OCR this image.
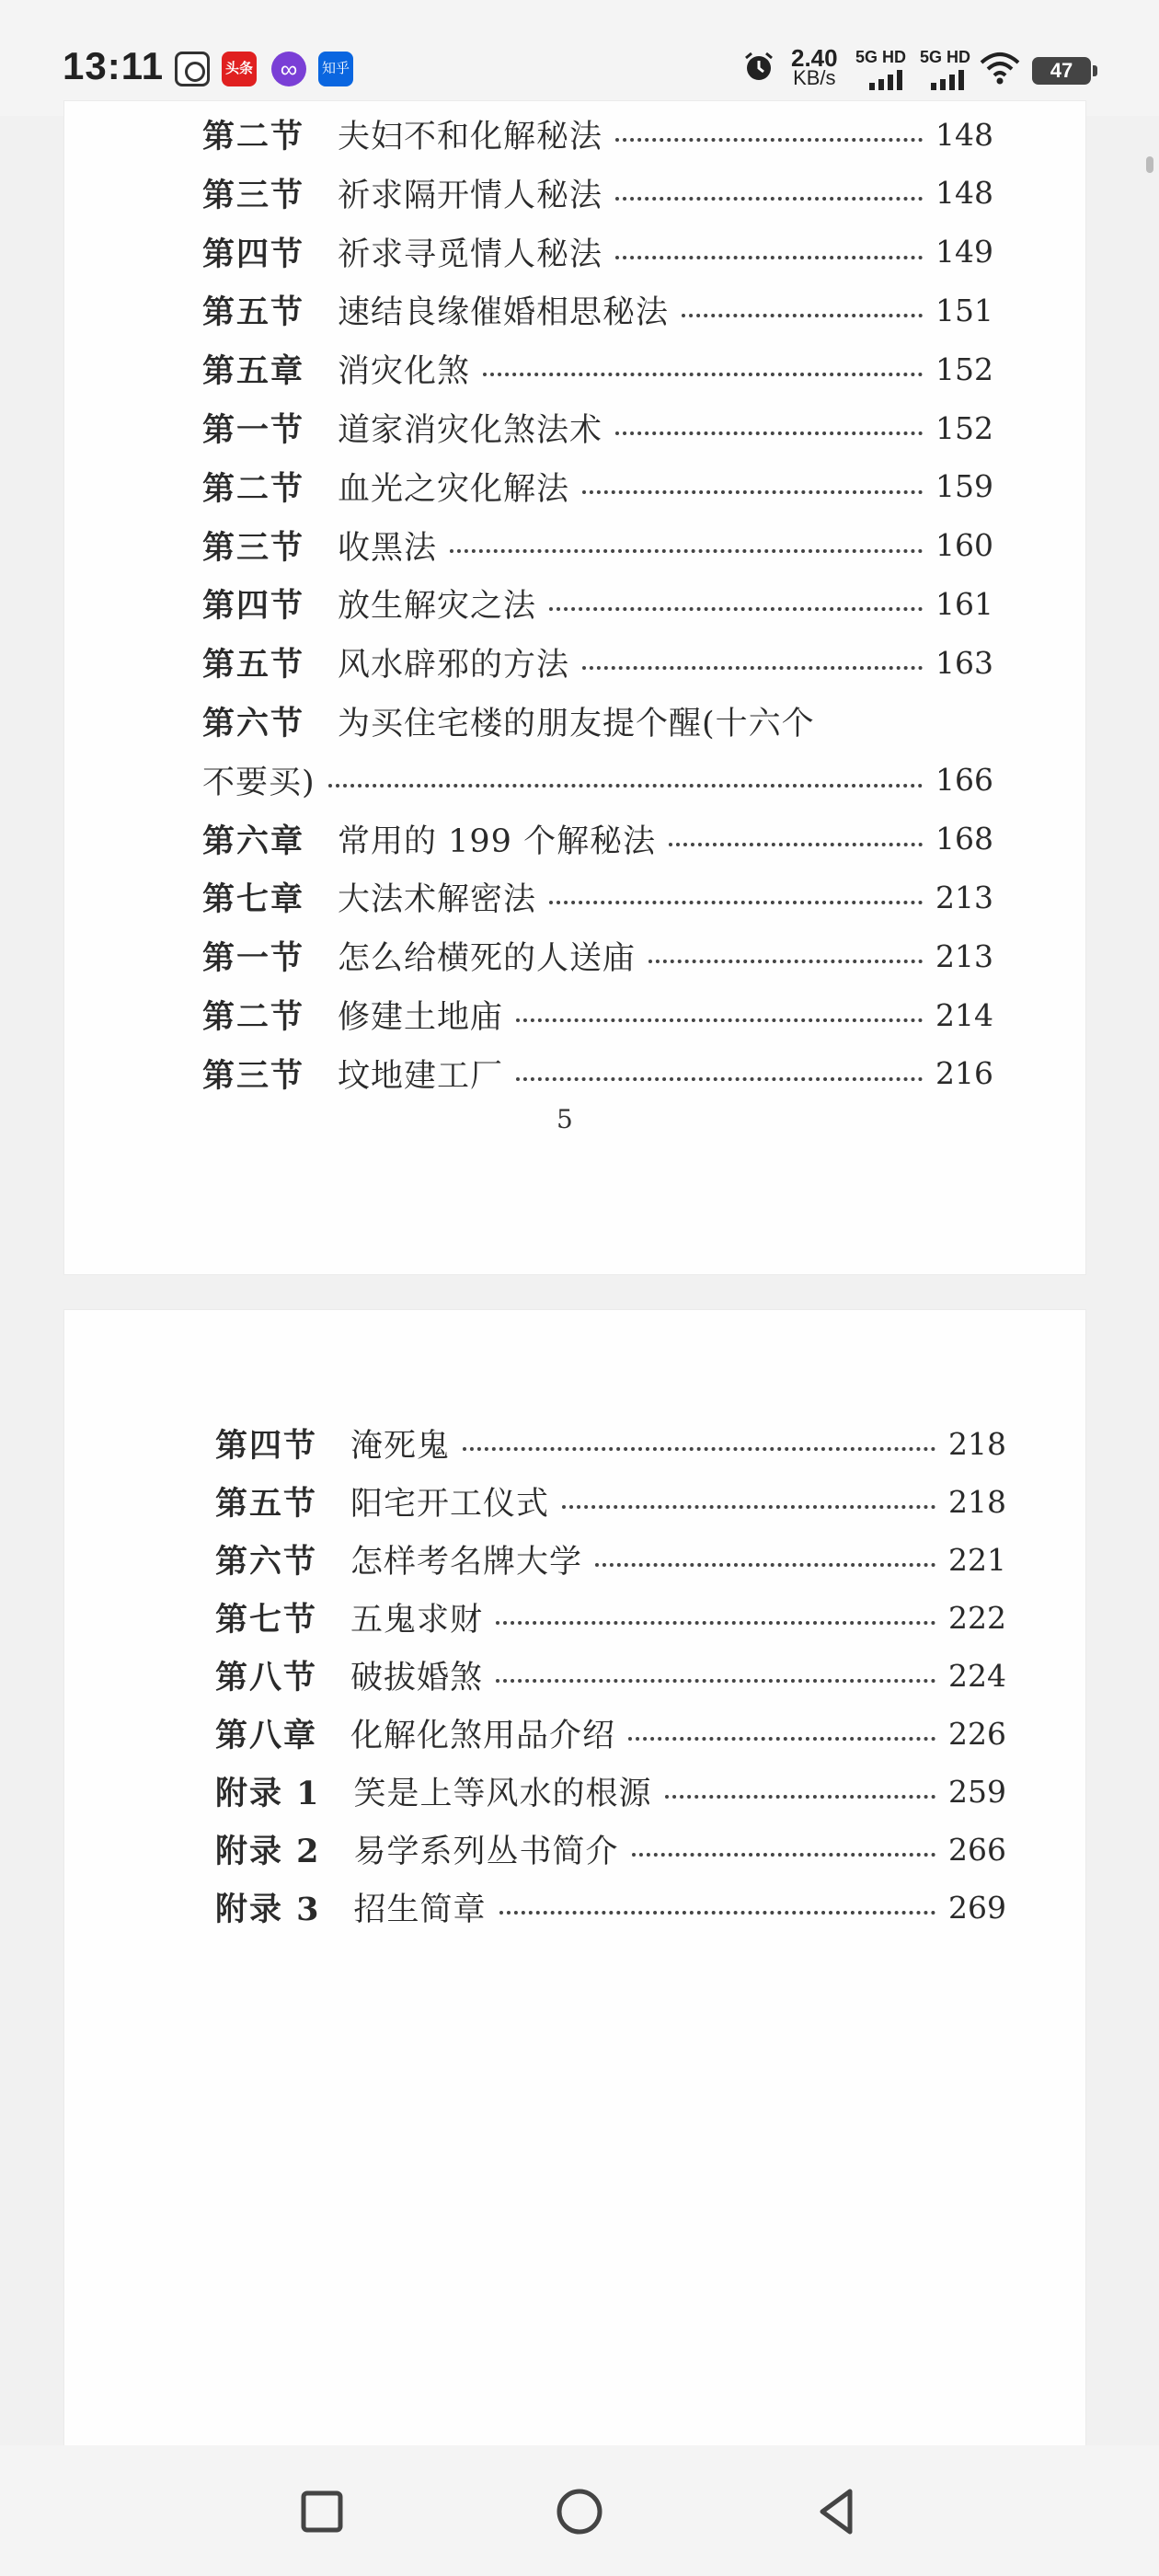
13:11	头条 ∞	知乎	2.40
KB/s
5G HD 5G HD
47
第二节 夫妇不和化解秘法	148
第三节 祈求隔开情人秘法	148
第四节 祈求寻觅情人秘法	149
第五节 速结良缘催婚相思秘法	151
第五章 消灾化煞	152
第一节 道家消灾化煞法术	152
第二节 血光之灾化解法	159
第三节 收黑法	160
第四节 放生解灾之法	161
第五节 风水辟邪的方法	163
第六节 为买住宅楼的朋友提个醒(十六个
不要买)	166
第六章 常用的 199 个解秘法	168
第七章 大法术解密法	213
第一节 怎么给横死的人送庙	213
第二节 修建土地庙	214
第三节 坟地建工厂	216
5
第四节 淹死鬼	218
第五节 阳宅开工仪式	218
第六节 怎样考名牌大学	221
第七节 五鬼求财	222
第八节 破拔婚煞	224
第八章 化解化煞用品介绍	226
附录 1 笑是上等风水的根源	259
附录 2 易学系列丛书简介	266
附录 3 招生简章	269
